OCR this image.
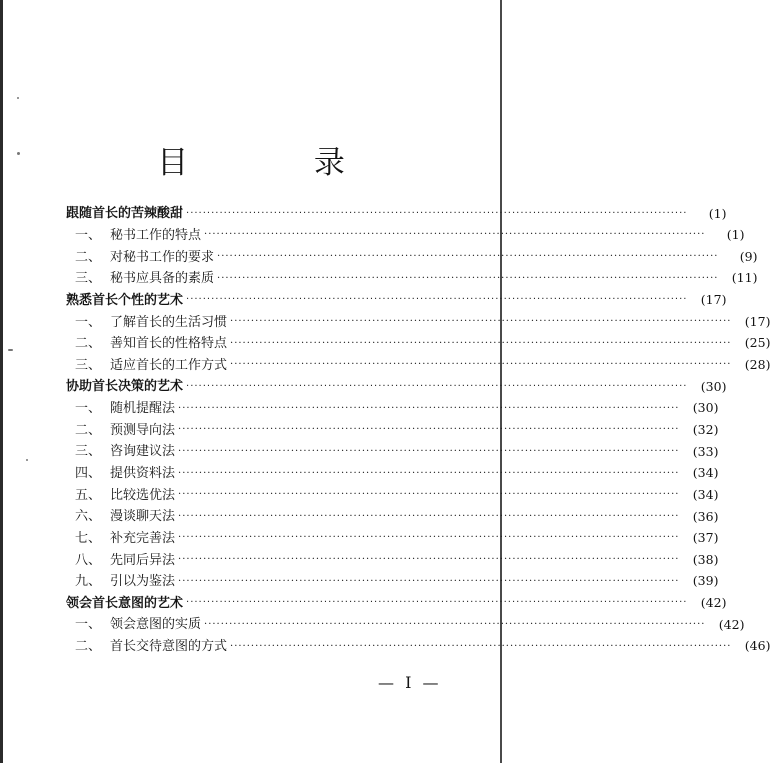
目 录
跟随首长的苦辣酸甜 ························································································································	(1)
一、 秘书工作的特点 ························································································································	(1)
二、 对秘书工作的要求 ························································································································	(9)
三、 秘书应具备的素质 ························································································································	(11)
熟悉首长个性的艺术 ························································································································	(17)
一、 了解首长的生活习惯 ························································································································	(17)
二、 善知首长的性格特点 ························································································································	(25)
三、 适应首长的工作方式 ························································································································	(28)
协助首长决策的艺术 ························································································································	(30)
一、 随机提醒法 ························································································································	(30)
二、 预测导向法 ························································································································	(32)
三、 咨询建议法 ························································································································	(33)
四、 提供资料法 ························································································································	(34)
五、 比较选优法 ························································································································	(34)
六、 漫谈聊天法 ························································································································	(36)
七、 补充完善法 ························································································································	(37)
八、 先同后异法 ························································································································	(38)
九、 引以为鉴法 ························································································································	(39)
领会首长意图的艺术 ························································································································	(42)
一、 领会意图的实质 ························································································································	(42)
二、 首长交待意图的方式 ························································································································	(46)
— I —
